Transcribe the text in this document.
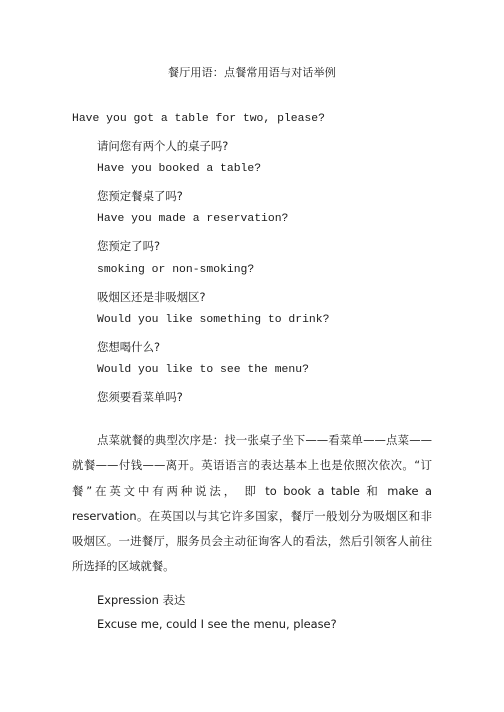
餐厅用语：点餐常用语与对话举例
Have you got a table for two, please?
请问您有两个人的桌子吗?
Have you booked a table?
您预定餐桌了吗?
Have you made a reservation?
您预定了吗?
smoking or non-smoking?
吸烟区还是非吸烟区?
Would you like something to drink?
您想喝什么?
Would you like to see the menu?
您须要看菜单吗?
点菜就餐的典型次序是：找一张桌子坐下——看菜单——点菜——就餐——付钱——离开。英语语言的表达基本上也是依照次依次。“订餐”在英文中有两种说法， 即 to book a table 和 make a reservation。在英国以与其它许多国家，餐厅一般划分为吸烟区和非吸烟区。一进餐厅，服务员会主动征询客人的看法，然后引领客人前往所选择的区域就餐。
Expression 表达
Excuse me, could I see the menu, please?
